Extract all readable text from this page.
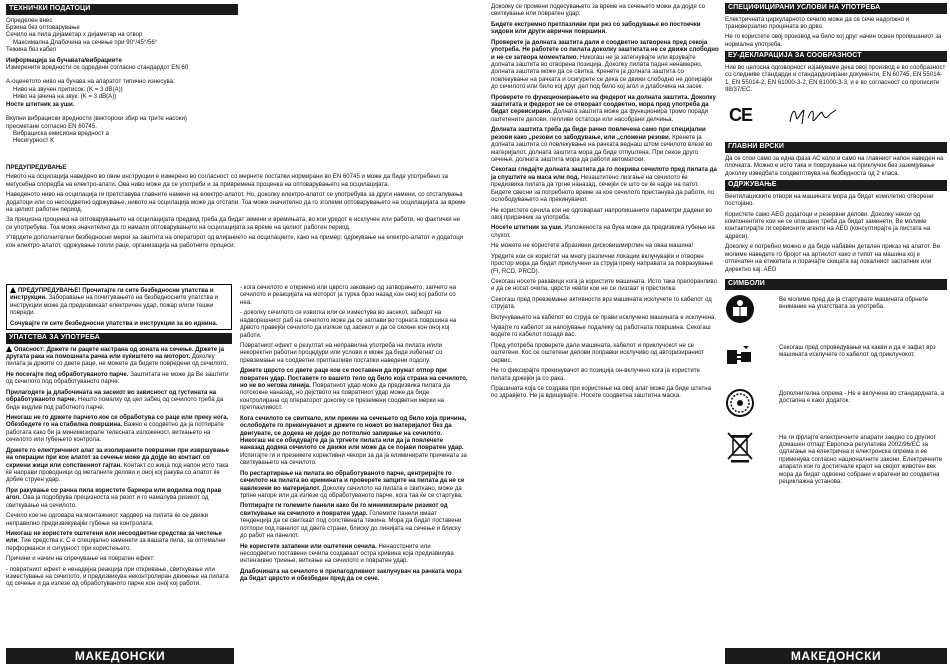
ТЕХНИЧКИ ПОДАТОЦИ
Определен внес
Брзина без оптоварување
Сечило на пила дијаметар х дијаметар на отвор
Максимална Длабочина на сечење при 90°/45°/56°
Тежина без кабел
Информација за бучавата/вибрациите
Измерените вредности се одредени согласно стандардот EN 60
А-оценетото ниво на бучава на апаратот типично изнесува:
Ниво на звучен притисок. (K = 3 dB(A))
Ниво на јачина на звук. (K = 3 dB(A))
Носте штитник за уши.
Вкупни вибрациски вредности (векторски збир на трите насоки)
пресметани согласно EN 60745.
Вибрациска емисиона вредност a
Несигурност K
ПРЕДУПРЕДУВАЊЕ

Нивото на осцилација наведено во овие инструкции е измерено во согласност со мерните постапки нормирани во EN 60745 и може да биде употребено за меѓусебна споредба на електро-алати. Ова ниво може да се употреби и за привремена проценка на оптоварувањето на осцилацијата.

Наведеното ниво на осцилација ги претставува главните намени на електро-алатот. Но, доколку електро-алатот се употребува за други намени, со отстапувања додатоци или со несоодветно одржување, нивото на осцилација може да отстапи. Тоа може значително да го зголеми оптоварувањето на осцилацијата за време на целиот работен период.

За прецизна проценка на оптоварувањето на осцилацијата предвид треба да бидат земени и времињата, во кои уредот е исклучен или работи, но фактички не се употребува. Тоа може значително да го намали оптоварувањето на осцилацијата за време на целиот работен период.

Утврдете дополнителни безбедносни мерки за заштита на операторот од влијанието на осцилациите, како на пример: одржување на електро-алатот и додатоци кон електро-алатот, одржување топли раце, организација на работните процеси.

ПРЕДУПРЕДУВАЊЕ! Прочитајте ги сите безбедносни упатства и инструкции. Заборавање на почитувањето на безбедносните упатства и инструкции може да предизвикаат електричен удар, пожар и/или тешки повреди.

Сочувајте ги сите безбедносни упатства и инструкции за во иднина.

УПАТСТВА ЗА УПОТРЕБА

Опасност: Држете ги рацете настрана од зоната на сечење. Држете ја другата рака на помошната рачка или куќиштето на моторот. Доколку пилата ја држите со двете раце, не можете да бидете повредени од сечилото.

Не посегајте под обработуваното парче. Заштитата не може да Ве заштити од сечилото под обработуваното парче.

Прилагодете ја длабочината на засекот во зависност од густината на обработуваното парче. Нешто помалку од цел забец од сечилото треба да биде видлив под работното парче.

Никогаш не го држете парчето кое се обработува со раце или преку нога. Обезбедете го на стабилна површина. Важно е соодветно да ја потпирате работата како би ја минимизирале телесната изложеност, виткањето на сечилото или губењето контрола.

Држете го електричниот алат за изолираните површини при извршување на операции при кои алатот за сечење може да дојде во контакт со скриени жици или сопствениот гајтан. Контакт со жица под напон исто така ќе направи проводници од металните делови и оној кој ракува со алатот ќе добие струен удар.

При ракување со рачна пила користете бариера или водилка под прав агол. Ова ја подобрува прецизноста на резот и го намалува ризикот од свиткување на сечилото.

Сечило кое не одговара на монтажниот хардвер на пилата ќе се движи неправилно предизвикувајќи губење на контролата.

Никогаш не користете оштетени или несоодветни средства за чистење или. Тие средства к. С е специјално наменети за вашата пила, за оптимални перформанси и сигурност при користењето.

Причини и начин на спречување на повратен ефект:

- повратниот ефект е ненадејна реакција при откривање, свиткување или изместување на сечилото, и предизвикува неконтролиран движење на пилата од сечење и да излезе од обработуваното парче кон оној кој работи.

- кога сечилото е откриено или цврсто заковано од затворањето, запчето на сечилото и реакцијата на моторот ја турка брзо назад кон оној кој работи со неа.

- доколку сечилото се извитка или се изместува во засекот, забецот на надворешниот раб на сечилото може да се заглави во горната површина на дрвото правејќи сечилото да излезе од засекот и да се скокне кон оној кој работи.

Повратниот ефект е резултат на неправилна употреба на пилата и/или некоректни работни процедури или услови и може да биде избегнат со превземање на соодветни претпазливи постапки наведени подолу.

Држете цврсто со двете раце кои се поставени да пружат отпор при повратен удар. Поставете го вашето тело од било која страна на сечилото, но не во негова линија. Повратниот удар може да предизвика пилата да потскокне наназад, но дејството на повратниот удар може да биде контролирана од операторот доколку се преземени соодветни мерки на претпазливост.

Кога сечилото се свиткало, или прекин на сечењето од било која причина, ослободете го прекинувачот и држете го ножот во материјалот без да двигувате, се додека не дојде до потполно запирање на сечилото. Никогаш не се обидувајте да ја тргнете пилата или да ја повлечете наназад додека сечилото се движи или може да се појави повратен удар. Испитајте ги и преземете корективни чекори за да ја елиминирате причината за свиткувањето на сечилото.

По рестартирање на пилата во обработуваното парче, центрирајте го сечилото на пилата во криминатa и проверете запците на пилата да не се навлезени во материјалот. Доколку сечилото на пилата е свиткано, може да трпне нагоре или да излезе од обработуваното парче, кога таа ќе се стартува.

Потпирајте ги големите панели како би го минимизирале ризикот од свиткување на сечилото и повратен удар. Големите панели имаат тенденција да се свиткаат под сопствената тежина. Мора да бидат поставени потпори под панелот од двете страни, блиску до линијата на сечење и блиску до работ на панелот.

Не користете затапени или оштетени сечила. Ненаострните или несоодветно поставени сечила создаваат остра кривина која предизвикува интензивно триење, виткање на сечилото и повратен удар.

Длабочината на сечилото и прилагодливиот заклучувач на рачката мора да бидат цврсто и обезбеден пред да се сече.

МАКЕДОНСКИ

Доколку се промени подесувањето за време на сечењето може да дојде со свиткување или повратен удар.

Бидете екстремно претпазливи при рез со забодување во постоечки ѕидови или други аврични површини.

Проверете ја долната заштита дали е соодветно затворена пред секоја употреба. Не работете со пилата доколку заштитата не се движи слободно и не се затвора моментално. Никогаш не ја затегнувајте или врзувајте долната заштита во отворена позиција. Доколку пилата падне ненамерно, долната заштита може да се свитка. Кренете ја долната заштита со повлекување на рачката и осигурете се дека се движи слободно не допирајќи до сечилото или било кој друг дел под било кој агол и длабочина на засек.

Проверете го функционирањето на федерот на долната заштита. Доколку заштитата и федерот не се отвораат соодветно, мора пред употреба да бидат сервисирани. Долната заштита може да функционира тромо поради оштетените делови, лепливи остатоци или насобрани делчиња.

Долната заштита треба да биде рачно повлечена само при специјални резови како „резови со забодување, или „сложени резови. Кренете ја долната заштита со повлекување на рачката веднаш штом сечилото влезе во материјалот, долната заштита мора да биде отпуштена. При секое друго сечење, долната заштита мора да работи автоматски.

Секогаш гледајте долната заштита да го покрива сечилото пред пилата да ја спуштите на маса или под. Незаштитено лизгање на сечилото ќе предизвика пилата да тргне наназад, сечејќи се што се ќе најде на патот. Бидете свесни за потребното време за кое сечилото престанува да работи, по ослободувањето на прекинувачот.

Не користете сечила кои не одговараат напропишаните параметри дадени во овој прирачник за употреба.

Носете штитник за уши. Изложеноста на бука може да предизвика губење на слухот.

Не можете не користете абразивни дисковишмирглин на оваа машина!

Уредите кои се користат на многу различни локации вклучувајќи и отворен простор мора да бидат приклучени за струја преку направата за повразување (FI, RCD, PRCD).

Секогаш носете ракавици кога ја користите машината. Исто така препорачливо е да се носат очила, цврсти чевли кои не се лизгаат и престилка.

Секогаш пред превземање активности врз машината исклучете го кабелот од струјата.

Вклучувањето на кабелот во струја се прави исклучено машината е исклучена.

Чувајте го кабелот за напојување подалеку од работната површина. Секогаш водете го кабелот позади вас.

Пред употреба проверете дали машината, кабелот и приклучокот не се оштетени. Кос се оштетени делови поправки исклучиво од авторизираниот сервис.

Не го фиксирајте прекинувачот во позиција он-вклучено кога ја користите пилата држејќи ја со рака.

Прашината која се создава при користење на овој алат може да биде штетна по здравјето. Не ја вдишувајте. Носете соодветна заштитна маска.

СПЕЦИФИЦИРАНИ УСЛОВИ НА УПОТРЕБА

Електричната циркуларното сечило може да се сече надолжно и трансверзално процената во дрво.

Не го користете овој производ на било кој друг начин освен пропишаниот за нормална употреба.

ЕУ-ДЕКЛАРАЦИЈА ЗА СООБРАЗНОСТ

Ние во целосна одговорност изјавуваме дека овој производ е во сообразност со следниве стандарди и стандардизирани документи, EN 60745, EN 55014-1, EN 55014-2, EN 61000-3-2, EN 61000-3-3, и е во согласност со прописите 98/37/ЕС.

CE
ГЛАВНИ ВРСКИ

Да се спои само за една фаза АС коло и само на главниот напон наведен на плочката. Можно е исто така и поврзување на приклучок без заземјување доколку изведбата соодветствува на безбедноста од 2 класа.

ОДРЖУВАЊЕ

Вентилациските отвори на машината мора да бидат комплетно отворени постојано.

Користете само AEG додатоци и резервни делови. Доколку некои од компонентите кои не се опишани треба да бидат заменети, Ве молиме контактирајте ги сервисните агенти на AEG (консултирајте ја листата на адреси).

Доколку е потребно можно е да биде набавен детален приказ на алатот. Ве молиме наведете го бројот на артиклот како и типот на машина кој е отпечатен на етикетата и порачајте скицата кај локалниот застапник или директно кај: AEG

СИМБОЛИ
Ве молиме пред да ја стартувате машината обрнете внимание на упатствата за употреба.
Секогаш пред спроведување на какви и да е зафат врз машината исклучете го кабелот од приклучокот.
Дополнителна опрема - Не е вклучена во стандардната, а достапна е како додаток.
Не ги фрлајте електричните апарати заедно со другиот домашен отпад! Европска регулатива 2002/96/EC за одлагање на електрична и електронска опрема и ее применува согласно националните закони. Електричните апарати кои го достигнале крајот на својот животен век мора да бидат одвоено собрани и вратени во соодветна рециклажна установа.
МАКЕДОНСКИ
